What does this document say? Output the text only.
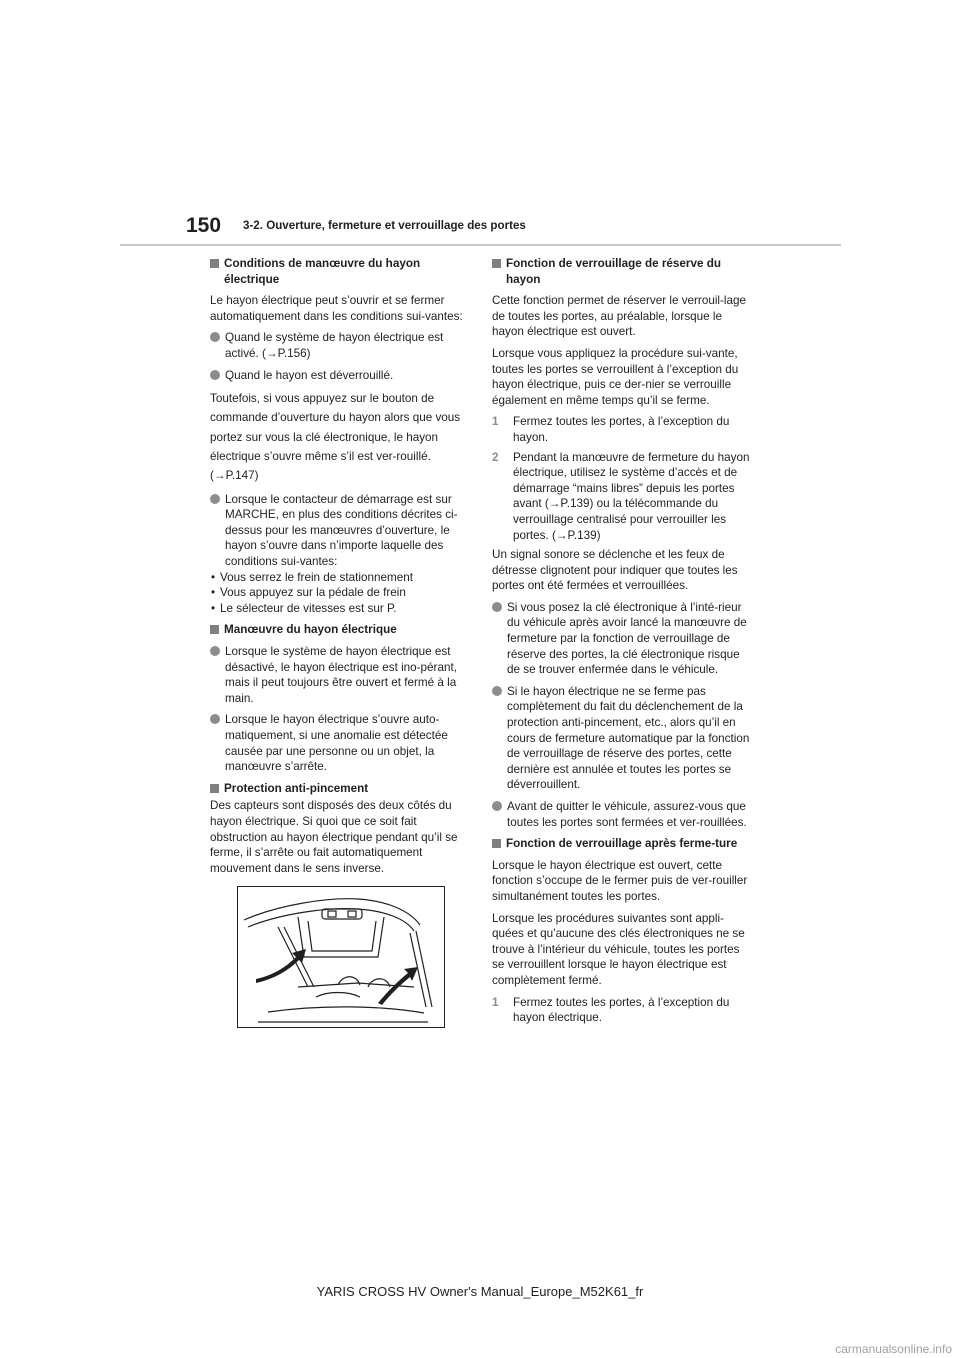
150 3-2. Ouverture, fermeture et verrouillage des portes
Conditions de manœuvre du hayon électrique

Le hayon électrique peut s’ouvrir et se fermer automatiquement dans les conditions sui-vantes:

Quand le système de hayon électrique est activé. (→P.156)
Quand le hayon est déverrouillé.

Toutefois, si vous appuyez sur le bouton de commande d’ouverture du hayon alors que vous portez sur vous la clé électronique, le hayon électrique s’ouvre même s’il est ver-rouillé. (→P.147)

Lorsque le contacteur de démarrage est sur MARCHE, en plus des conditions décrites ci-dessus pour les manœuvres d’ouverture, le hayon s’ouvre dans n’importe laquelle des conditions sui-vantes:
• Vous serrez le frein de stationnement
• Vous appuyez sur la pédale de frein
• Le sélecteur de vitesses est sur P.
Manœuvre du hayon électrique
Lorsque le système de hayon électrique est désactivé, le hayon électrique est ino-pérant, mais il peut toujours être ouvert et fermé à la main.
Lorsque le hayon électrique s’ouvre auto-matiquement, si une anomalie est détectée causée par une personne ou un objet, la manœuvre s’arrête.
Protection anti-pincement

Des capteurs sont disposés des deux côtés du hayon électrique. Si quoi que ce soit fait obstruction au hayon électrique pendant qu’il se ferme, il s’arrête ou fait automatiquement mouvement dans le sens inverse.

Fonction de verrouillage de réserve du hayon

Cette fonction permet de réserver le verrouil-lage de toutes les portes, au préalable, lorsque le hayon électrique est ouvert.

Lorsque vous appliquez la procédure sui-vante, toutes les portes se verrouillent à l’exception du hayon électrique, puis ce der-nier se verrouille également en même temps qu’il se ferme.

1 Fermez toutes les portes, à l’exception du hayon.
2 Pendant la manœuvre de fermeture du hayon électrique, utilisez le système d’accès et de démarrage “mains libres” depuis les portes avant (→P.139) ou la télécommande du verrouillage centralisé pour verrouiller les portes. (→P.139)

Un signal sonore se déclenche et les feux de détresse clignotent pour indiquer que toutes les portes ont été fermées et verrouillées.

Si vous posez la clé électronique à l’inté-rieur du véhicule après avoir lancé la manœuvre de fermeture par la fonction de verrouillage de réserve des portes, la clé électronique risque de se trouver enfermée dans le véhicule.
Si le hayon électrique ne se ferme pas complètement du fait du déclenchement de la protection anti-pincement, etc., alors qu’il en cours de fermeture automatique par la fonction de verrouillage de réserve des portes, cette dernière est annulée et toutes les portes se déverrouillent.
Avant de quitter le véhicule, assurez-vous que toutes les portes sont fermées et ver-rouillées.
Fonction de verrouillage après ferme-ture

Lorsque le hayon électrique est ouvert, cette fonction s’occupe de le fermer puis de ver-rouiller simultanément toutes les portes.

Lorsque les procédures suivantes sont appli-quées et qu’aucune des clés électroniques ne se trouve à l’intérieur du véhicule, toutes les portes se verrouillent lorsque le hayon électrique est complètement fermé.

1 Fermez toutes les portes, à l’exception du hayon électrique.
YARIS CROSS HV Owner's Manual_Europe_M52K61_fr
carmanualsonline.info
